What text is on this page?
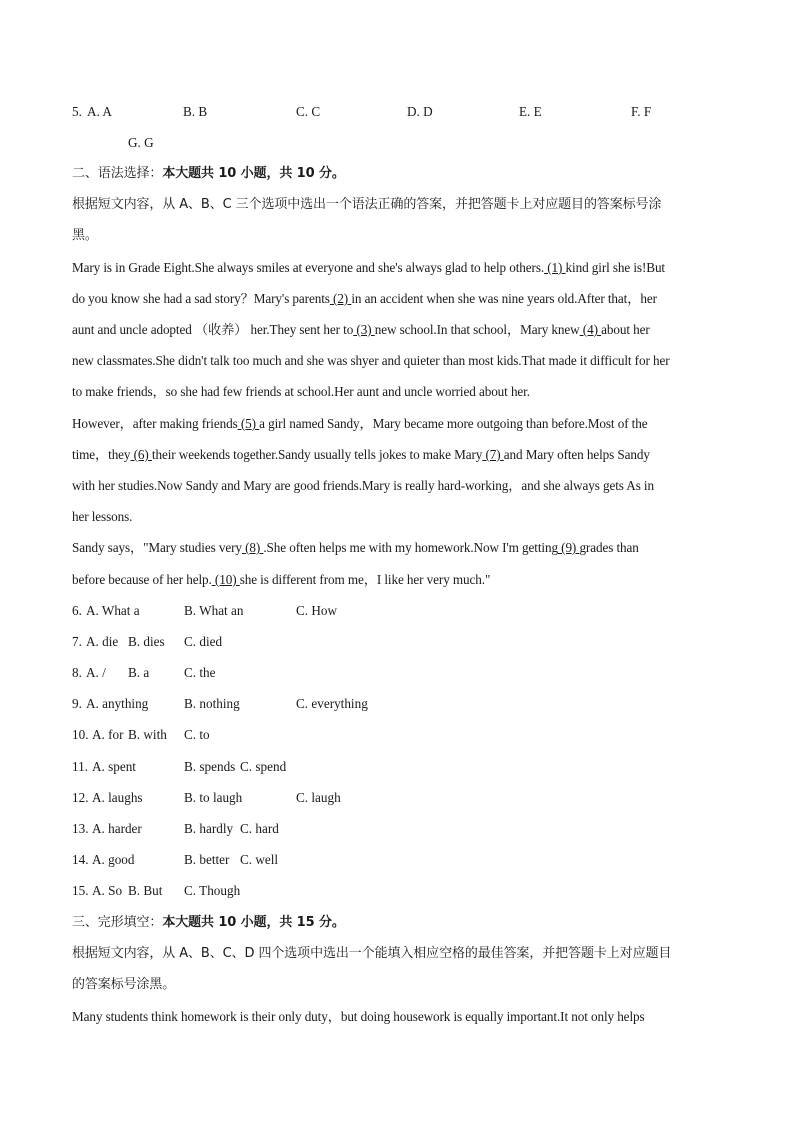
5. A. A	B. B	C. C	D. D	E. E	F. F
G. G
二、语法选择：本大题共 10 小题，共 10 分。
根据短文内容，从 A、B、C 三个选项中选出一个语法正确的答案，并把答题卡上对应题目的答案标号涂
黑。
Mary is in Grade Eight.She always smiles at everyone and she's always glad to help others. (1) kind girl she is!But
do you know she had a sad story？Mary's parents (2) in an accident when she was nine years old.After that，her
aunt and uncle adopted （收养） her.They sent her to (3) new school.In that school，Mary knew (4) about her
new classmates.She didn't talk too much and she was shyer and quieter than most kids.That made it difficult for her
to make friends，so she had few friends at school.Her aunt and uncle worried about her.
However，after making friends (5) a girl named Sandy，Mary became more outgoing than before.Most of the
time，they (6) their weekends together.Sandy usually tells jokes to make Mary (7) and Mary often helps Sandy
with her studies.Now Sandy and Mary are good friends.Mary is really hard-working，and she always gets As in
her lessons.
Sandy says，"Mary studies very (8) .She often helps me with my homework.Now I'm getting (9) grades than
before because of her help. (10) she is different from me，I like her very much."
6. A. What a	B. What an	C. How
7. A. die B. dies C. died
8. A. / B. a	C. the
9. A. anything	B. nothing	C. everything
10. A. for B. with C. to
11. A. spent	B. spends C. spend
12. A. laughs	B. to laugh	C. laugh
13. A. harder	B. hardly C. hard
14. A. good	B. better C. well
15. A. So B. But C. Though
三、完形填空：本大题共 10 小题，共 15 分。
根据短文内容，从 A、B、C、D 四个选项中选出一个能填入相应空格的最佳答案，并把答题卡上对应题目
的答案标号涂黑。
Many students think homework is their only duty，but doing housework is equally important.It not only helps
